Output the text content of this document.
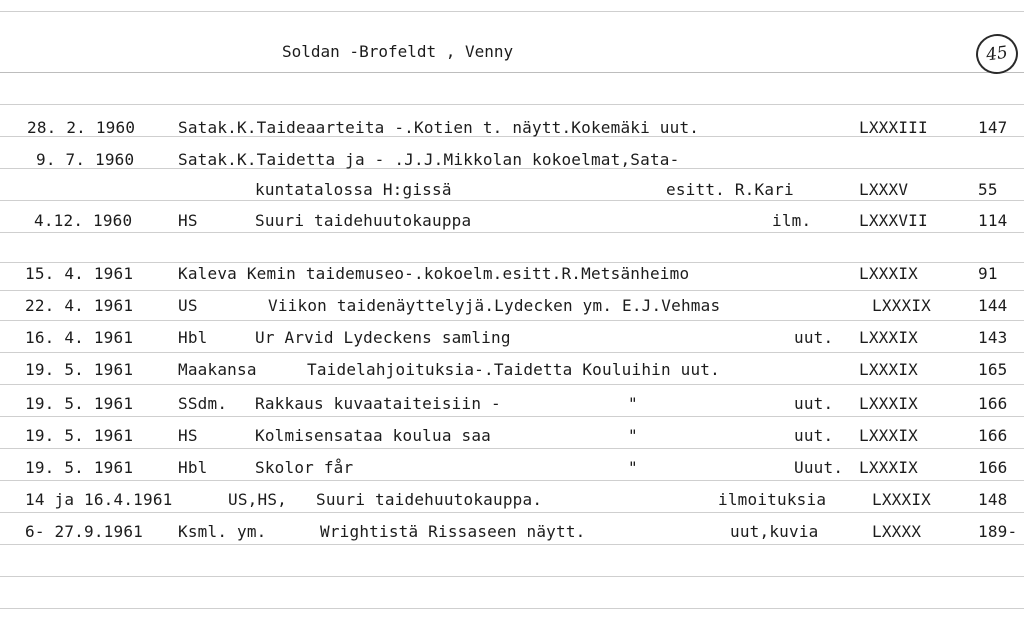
Soldan -Brofeldt , Venny	45
28. 2. 1960	Satak.K.Taideaarteita -.Kotien t. näytt.Kokemäki uut.	LXXXIII	147
9. 7. 1960	Satak.K.Taidetta ja - .J.J.Mikkolan kokoelmat,Sata-
kuntatalossa H:gissä	esitt. R.Kari	LXXXV	55
4.12. 1960	HS	Suuri taidehuutokauppa	ilm.	LXXXVII	114
15. 4. 1961	Kaleva Kemin taidemuseo-.kokoelm.esitt.R.Metsänheimo	LXXXIX	91
22. 4. 1961	US	Viikon taidenäyttelyjä.Lydecken ym. E.J.Vehmas	LXXXIX	144
16. 4. 1961	Hbl	Ur Arvid Lydeckens samling	uut. LXXXIX	143
19. 5. 1961	Maakansa	Taidelahjoituksia-.Taidetta Kouluihin uut.	LXXXIX	165
19. 5. 1961	SSdm. Rakkaus kuvaataiteisiin -	"	uut. LXXXIX	166
19. 5. 1961	HS	Kolmisensataa koulua saa	"	uut. LXXXIX	166
19. 5. 1961	Hbl	Skolor får	"	Uuut. LXXXIX	166
14 ja 16.4.1961	US,HS, Suuri taidehuutokauppa.	ilmoituksia	LXXXIX	148
6- 27.9.1961 Ksml. ym.	Wrightistä Rissaseen näytt.	uut,kuvia	LXXXX	189-
